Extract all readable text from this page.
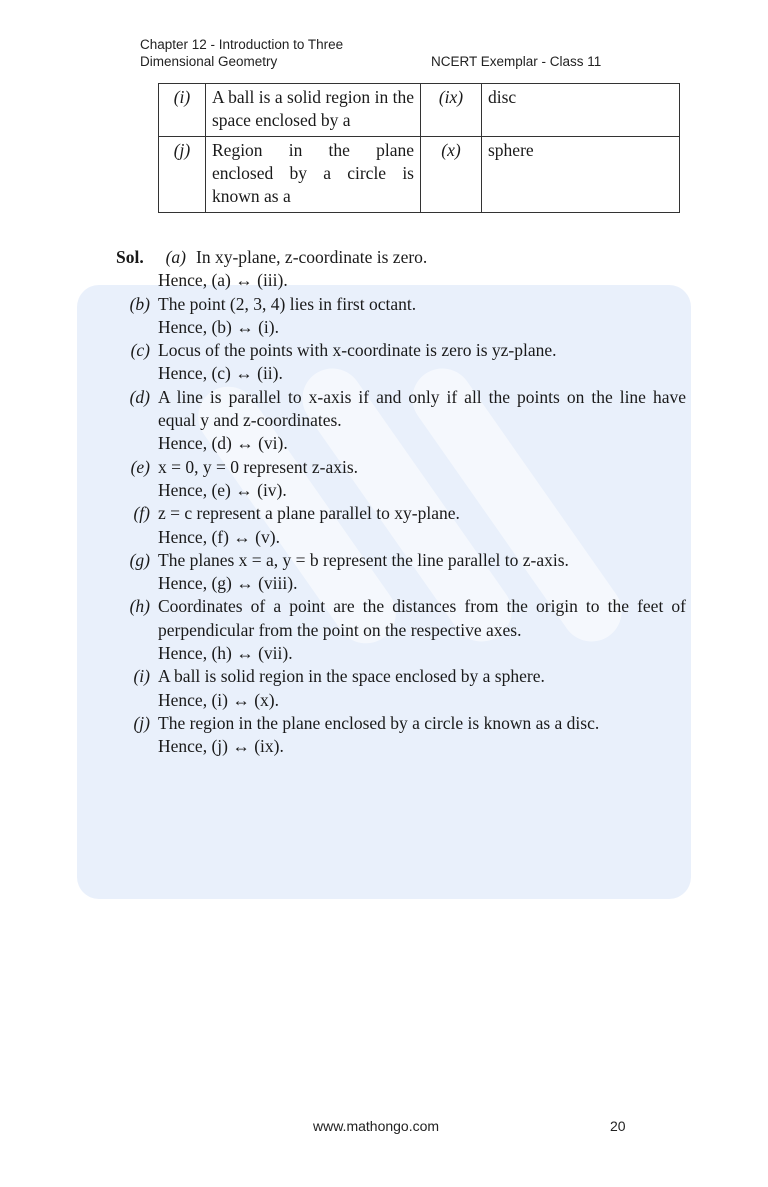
Chapter 12 - Introduction to Three
Dimensional Geometry	NCERT Exemplar - Class 11
(i)	A ball is a solid region in the space enclosed by a	(ix)	disc
(j)	Region in the plane enclosed by a circle is known as a	(x)	sphere
Sol.	(a) In xy-plane, z-coordinate is zero.
Hence, (a) ↔ (iii).
(b) The point (2, 3, 4) lies in first octant.
Hence, (b) ↔ (i).
(c) Locus of the points with x-coordinate is zero is yz-plane.
Hence, (c) ↔ (ii).
(d) A line is parallel to x-axis if and only if all the points on the line have equal y and z-coordinates.
Hence, (d) ↔ (vi).
(e) x = 0, y = 0 represent z-axis.
Hence, (e) ↔ (iv).
(f) z = c represent a plane parallel to xy-plane.
Hence, (f) ↔ (v).
(g) The planes x = a, y = b represent the line parallel to z-axis.
Hence, (g) ↔ (viii).
(h) Coordinates of a point are the distances from the origin to the feet of perpendicular from the point on the respective axes.
Hence, (h) ↔ (vii).
(i) A ball is solid region in the space enclosed by a sphere.
Hence, (i) ↔ (x).
(j) The region in the plane enclosed by a circle is known as a disc.
Hence, (j) ↔ (ix).
www.mathongo.com	20
